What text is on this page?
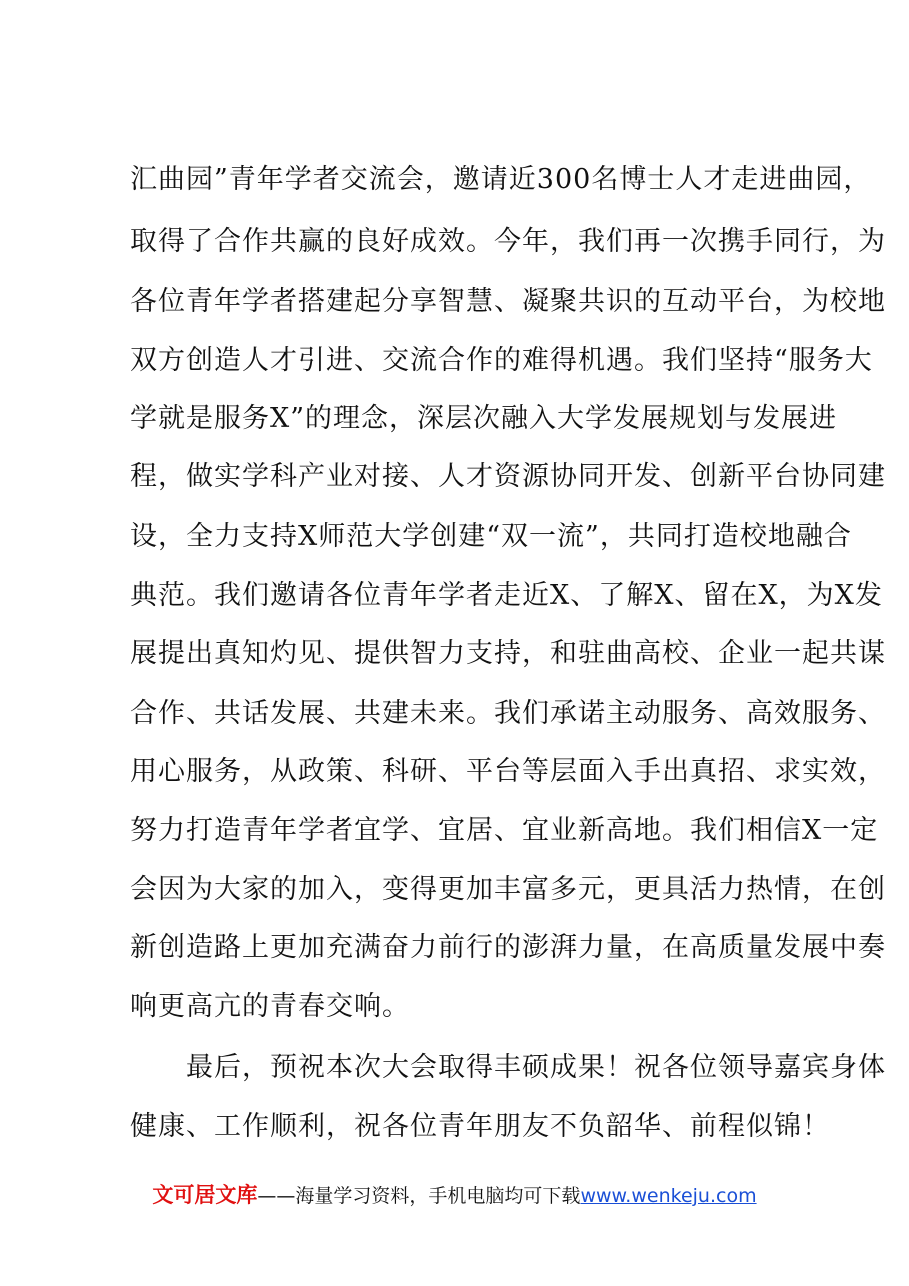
汇曲园”青年学者交流会，邀请近300名博士人才走进曲园，
取得了合作共赢的良好成效。今年，我们再一次携手同行，为
各位青年学者搭建起分享智慧、凝聚共识的互动平台，为校地
双方创造人才引进、交流合作的难得机遇。我们坚持“服务大
学就是服务X”的理念，深层次融入大学发展规划与发展进
程，做实学科产业对接、人才资源协同开发、创新平台协同建
设，全力支持X师范大学创建“双一流”，共同打造校地融合
典范。我们邀请各位青年学者走近X、了解X、留在X，为X发
展提出真知灼见、提供智力支持，和驻曲高校、企业一起共谋
合作、共话发展、共建未来。我们承诺主动服务、高效服务、
用心服务，从政策、科研、平台等层面入手出真招、求实效，
努力打造青年学者宜学、宜居、宜业新高地。我们相信X一定
会因为大家的加入，变得更加丰富多元，更具活力热情，在创
新创造路上更加充满奋力前行的澎湃力量，在高质量发展中奏
响更高亢的青春交响。
　　最后，预祝本次大会取得丰硕成果！祝各位领导嘉宾身体
健康、工作顺利，祝各位青年朋友不负韶华、前程似锦！
文可居文库——海量学习资料，手机电脑均可下载www.wenkeju.com
